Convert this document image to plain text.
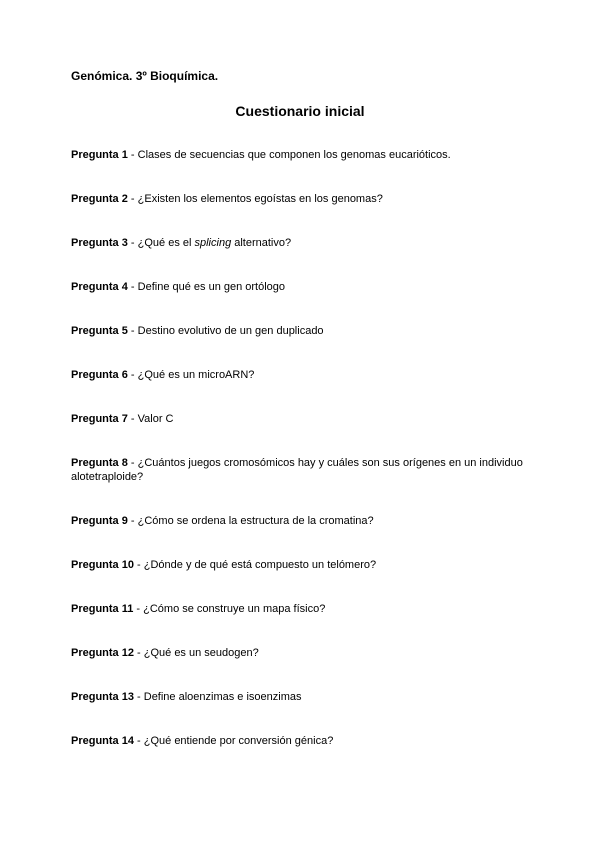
Genómica. 3º Bioquímica.
Cuestionario inicial
Pregunta 1 - Clases de secuencias que componen los genomas eucarióticos.
Pregunta 2 - ¿Existen los elementos egoístas en los genomas?
Pregunta 3 - ¿Qué es el splicing alternativo?
Pregunta 4 - Define qué es un gen ortólogo
Pregunta 5 - Destino evolutivo de un gen duplicado
Pregunta 6 - ¿Qué es un microARN?
Pregunta 7 - Valor C
Pregunta 8 - ¿Cuántos juegos cromosómicos hay y cuáles son sus orígenes en un individuo alotetraploide?
Pregunta 9 - ¿Cómo se ordena la estructura de la cromatina?
Pregunta 10 - ¿Dónde y de qué está compuesto un telómero?
Pregunta 11 - ¿Cómo se construye un mapa físico?
Pregunta 12 - ¿Qué es un seudogen?
Pregunta 13 - Define aloenzimas e isoenzimas
Pregunta 14 - ¿Qué entiende por conversión génica?
